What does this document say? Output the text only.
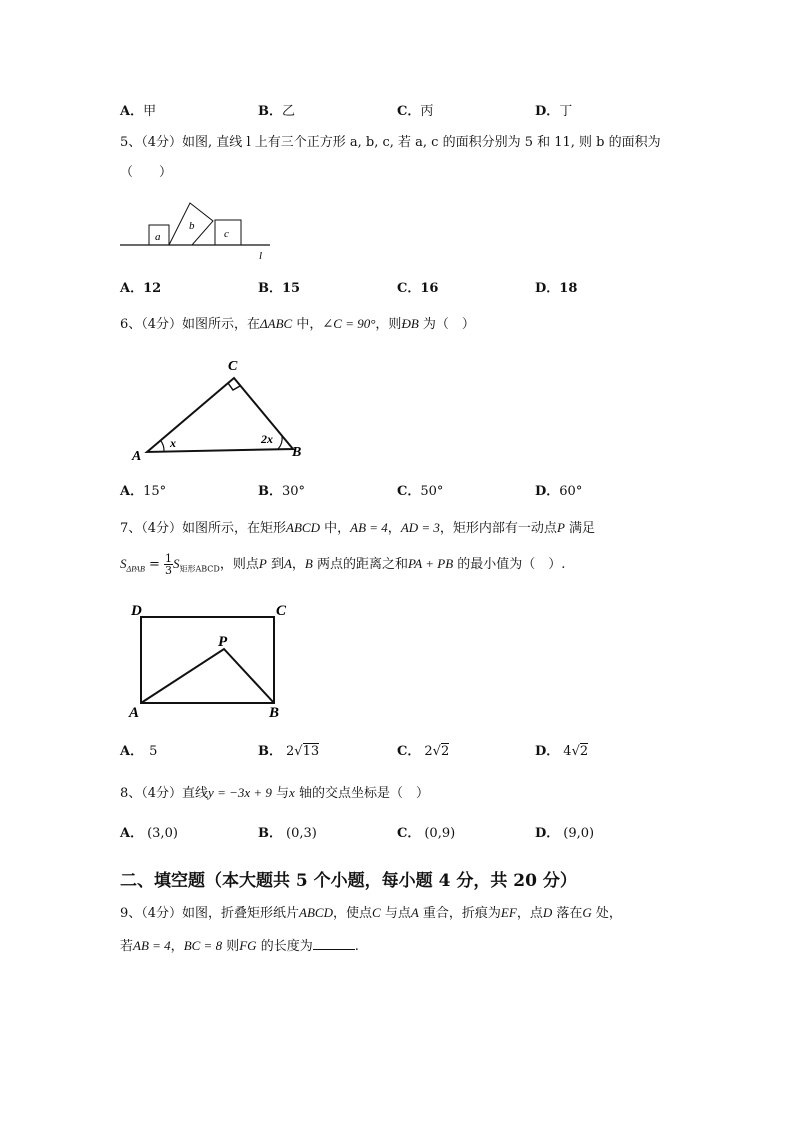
A．甲	B．乙	C．丙	D．丁
5、（4分）如图, 直线 l 上有三个正方形 a, b, c, 若 a, c 的面积分别为 5 和 11, 则 b 的面积为
（　　）
a
b
c
l
A．12	B．15	C．16	D．18
6、（4分）如图所示，在ΔABC 中，∠C = 90°，则ÐB 为（　）
A	B
C
x	2x
A．15°	B．30°	C．50°	D．60°
7、（4分）如图所示，在矩形ABCD 中，AB = 4，AD = 3，矩形内部有一动点P 满足
$S_{\Delta PAB} = \frac{1}{3} S_{矩形ABCD}$，则点P 到A，B 两点的距离之和PA + PB 的最小值为（　）.
D	C
P
A	B
A． 5	B． 2√13	C． 2√2	D． 4√2
8、（4分）直线y = −3x + 9 与x 轴的交点坐标是（　）
A． (3,0)	B． (0,3)	C． (0,9)	D． (9,0)
二、填空题（本大题共 5 个小题，每小题 4 分，共 20 分）
9、（4分）如图，折叠矩形纸片ABCD，使点C 与点A 重合，折痕为EF，点D 落在G 处，
若AB = 4，BC = 8 则FG 的长度为	.
